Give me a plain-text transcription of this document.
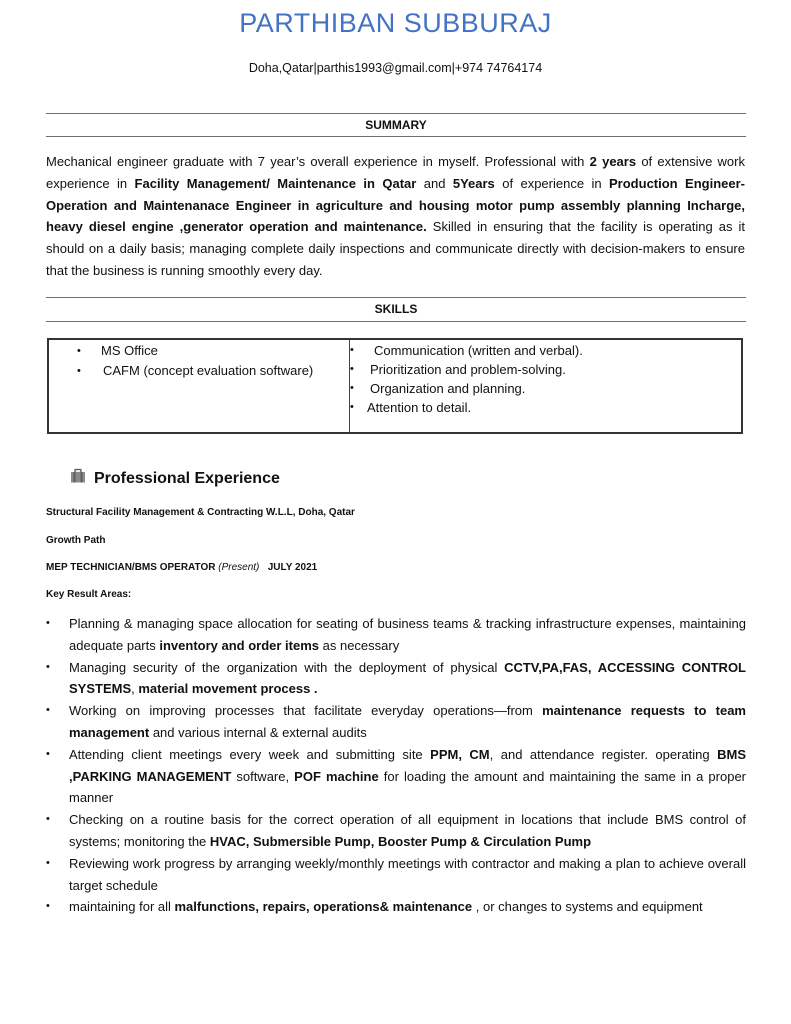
PARTHIBAN SUBBURAJ
Doha,Qatar|parthis1993@gmail.com|+974 74764174
SUMMARY

Mechanical engineer graduate with 7 year’s overall experience in myself. Professional with 2 years of extensive work experience in Facility Management/ Maintenance in Qatar and 5Years of experience in Production Engineer-Operation and Maintenanace Engineer in agriculture and housing motor pump assembly planning Incharge, heavy diesel engine ,generator operation and maintenance. Skilled in ensuring that the facility is operating as it should on a daily basis; managing complete daily inspections and communicate directly with decision-makers to ensure that the business is running smoothly every day.

SKILLS
• MS Office
• CAFM (concept evaluation software)
• Communication (written and verbal).
• Prioritization and problem-solving.
• Organization and planning.
• Attention to detail.
Professional Experience
Structural Facility Management & Contracting W.L.L, Doha, Qatar
Growth Path
MEP TECHNICIAN/BMS OPERATOR (Present) JULY 2021
Key Result Areas:
• Planning & managing space allocation for seating of business teams & tracking infrastructure expenses, maintaining adequate parts inventory and order items as necessary
• Managing security of the organization with the deployment of physical CCTV,PA,FAS, ACCESSING CONTROL SYSTEMS, material movement process .
• Working on improving processes that facilitate everyday operations—from maintenance requests to team management and various internal & external audits
• Attending client meetings every week and submitting site PPM, CM, and attendance register. operating BMS ,PARKING MANAGEMENT software, POF machine for loading the amount and maintaining the same in a proper manner
• Checking on a routine basis for the correct operation of all equipment in locations that include BMS control of systems; monitoring the HVAC, Submersible Pump, Booster Pump & Circulation Pump
• Reviewing work progress by arranging weekly/monthly meetings with contractor and making a plan to achieve overall target schedule
• maintaining for all malfunctions, repairs, operations& maintenance , or changes to systems and equipment
